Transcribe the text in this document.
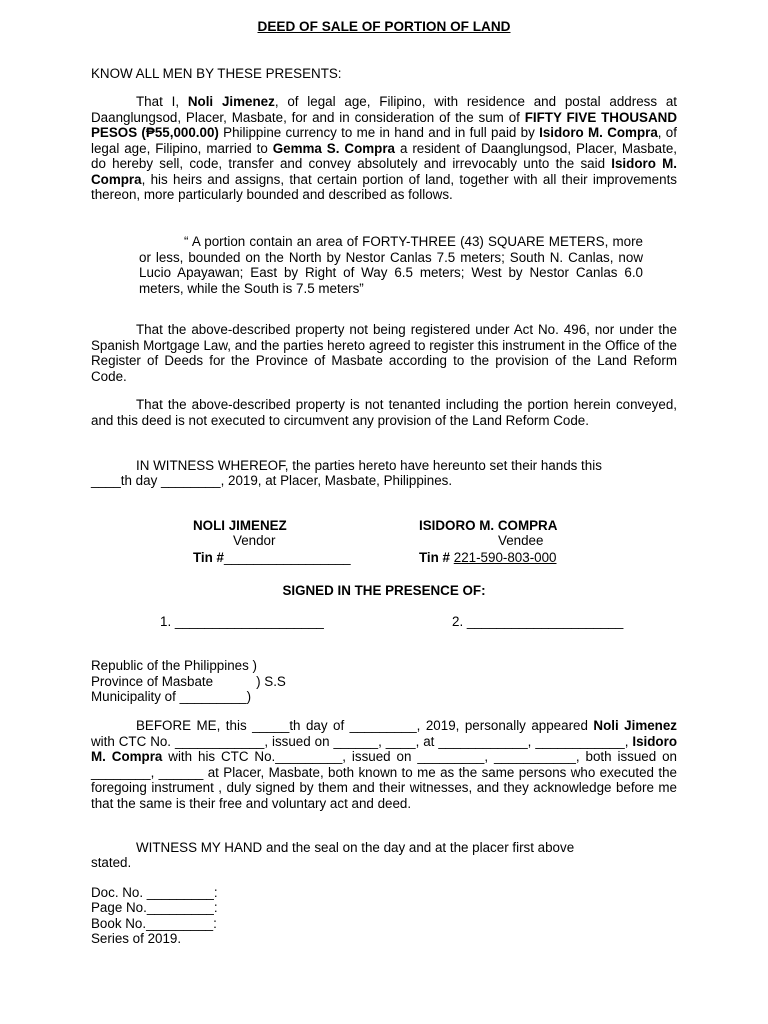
DEED OF SALE OF PORTION OF LAND
KNOW ALL MEN BY THESE PRESENTS:
That I, Noli Jimenez, of legal age, Filipino, with residence and postal address at Daanglungsod, Placer, Masbate, for and in consideration of the sum of FIFTY FIVE THOUSAND PESOS (₱55,000.00) Philippine currency to me in hand and in full paid by Isidoro M. Compra, of legal age, Filipino, married to Gemma S. Compra a resident of Daanglungsod, Placer, Masbate, do hereby sell, code, transfer and convey absolutely and irrevocably unto the said Isidoro M. Compra, his heirs and assigns, that certain portion of land, together with all their improvements thereon, more particularly bounded and described as follows.
“ A portion contain an area of FORTY-THREE (43) SQUARE METERS, more or less, bounded on the North by Nestor Canlas 7.5 meters; South N. Canlas, now Lucio Apayawan; East by Right of Way 6.5 meters; West by Nestor Canlas 6.0 meters, while the South is 7.5 meters”
That the above-described property not being registered under Act No. 496, nor under the Spanish Mortgage Law, and the parties hereto agreed to register this instrument in the Office of the Register of Deeds for the Province of Masbate according to the provision of the Land Reform Code.
That the above-described property is not tenanted including the portion herein conveyed, and this deed is not executed to circumvent any provision of the Land Reform Code.
IN WITNESS WHEREOF, the parties hereto have hereunto set their hands this
____th day ________, 2019, at Placer, Masbate, Philippines.
NOLI JIMENEZ
Vendor
Tin #_________________
ISIDORO M. COMPRA
Vendee
Tin # 221-590-803-000
SIGNED IN THE PRESENCE OF:
1. ____________________	2. _____________________
Republic of the Philippines )
Province of Masbate	) S.S
Municipality of _________)
BEFORE ME, this _____th day of _________, 2019, personally appeared Noli Jimenez with CTC No. ____________, issued on ______, ____, at ____________, ____________, Isidoro M. Compra with his CTC No._________, issued on _________, ___________, both issued on ________, ______ at Placer, Masbate, both known to me as the same persons who executed the foregoing instrument , duly signed by them and their witnesses, and they acknowledge before me that the same is their free and voluntary act and deed.
WITNESS MY HAND and the seal on the day and at the placer first above
stated.
Doc. No. _________:
Page No._________:
Book No._________:
Series of 2019.
